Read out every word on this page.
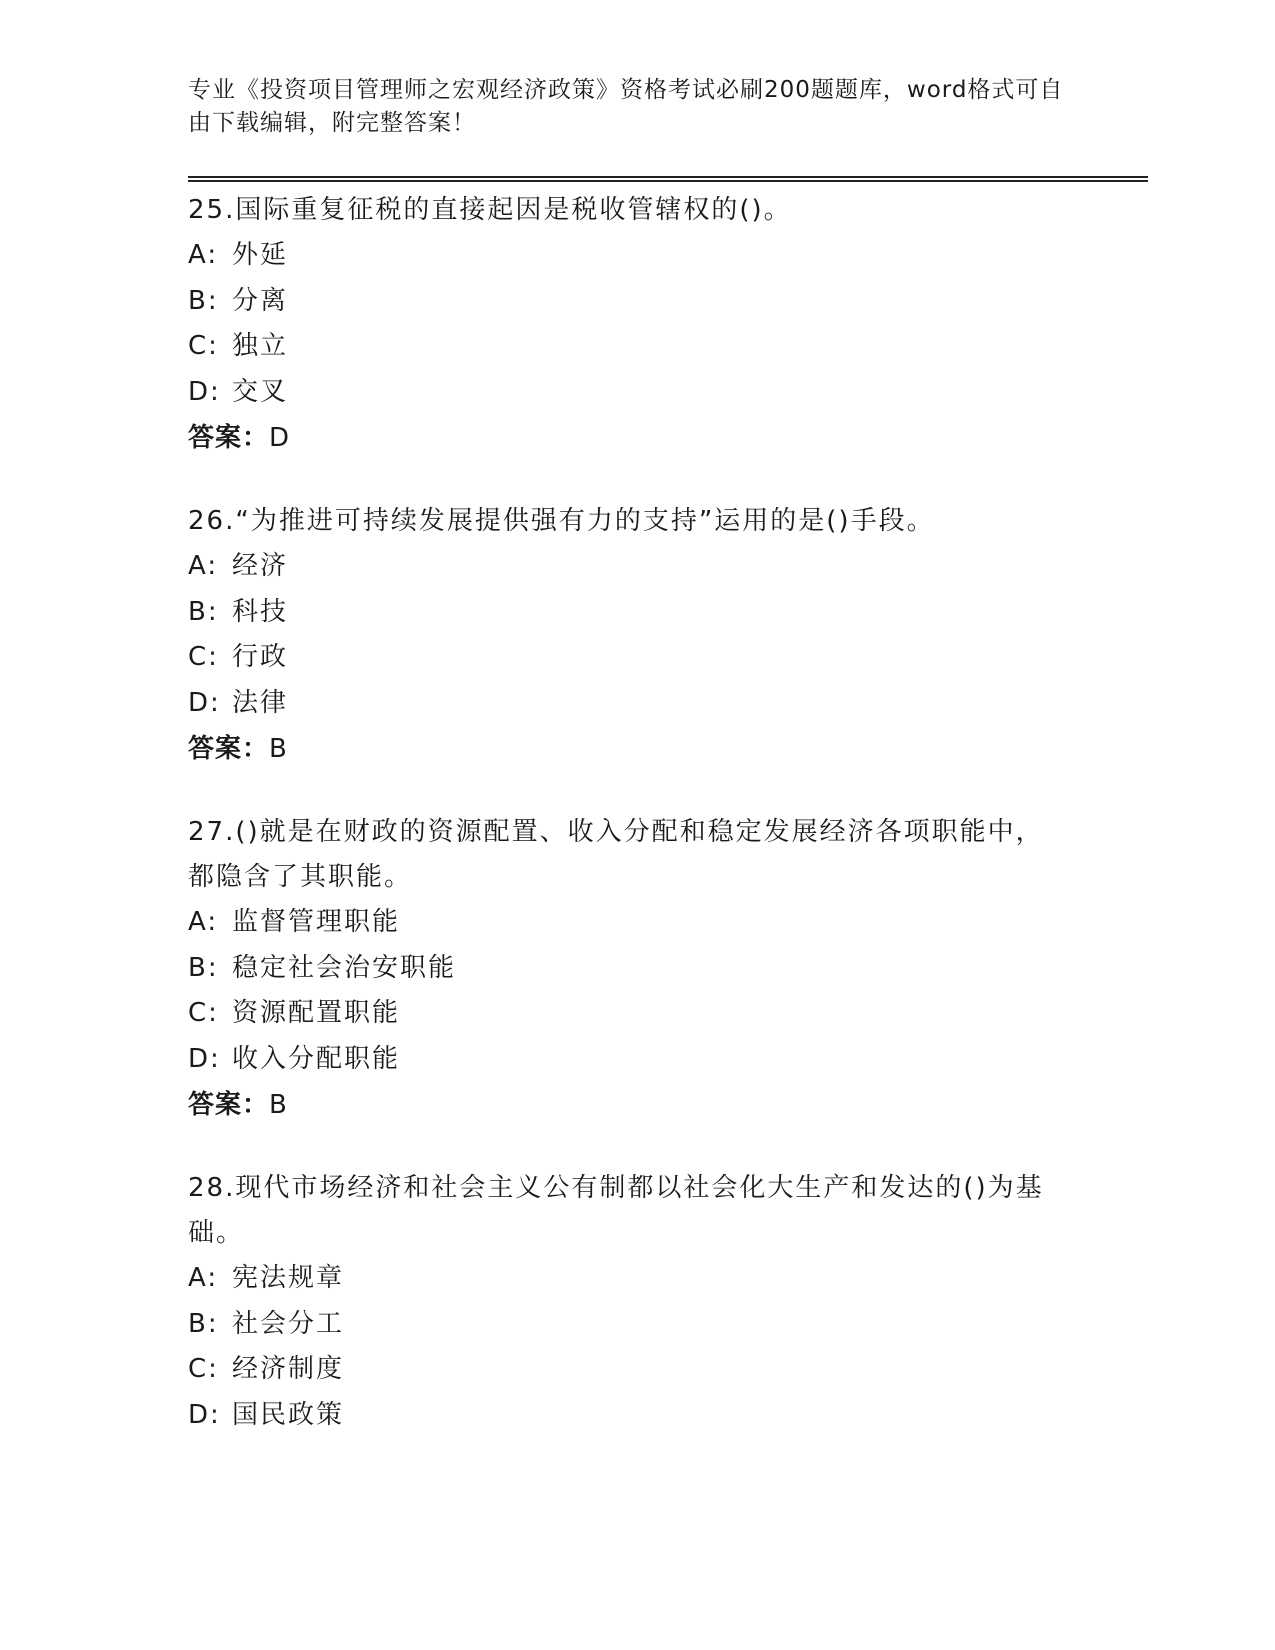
专业《投资项目管理师之宏观经济政策》资格考试必刷200题题库，word格式可自由下载编辑，附完整答案！

25.国际重复征税的直接起因是税收管辖权的()。

A: 外延

B: 分离

C: 独立

D: 交叉

答案：D

26.“为推进可持续发展提供强有力的支持”运用的是()手段。

A: 经济

B: 科技

C: 行政

D: 法律

答案：B

27.()就是在财政的资源配置、收入分配和稳定发展经济各项职能中，都隐含了其职能。

A: 监督管理职能

B: 稳定社会治安职能

C: 资源配置职能

D: 收入分配职能

答案：B

28.现代市场经济和社会主义公有制都以社会化大生产和发达的()为基础。

A: 宪法规章

B: 社会分工

C: 经济制度

D: 国民政策
